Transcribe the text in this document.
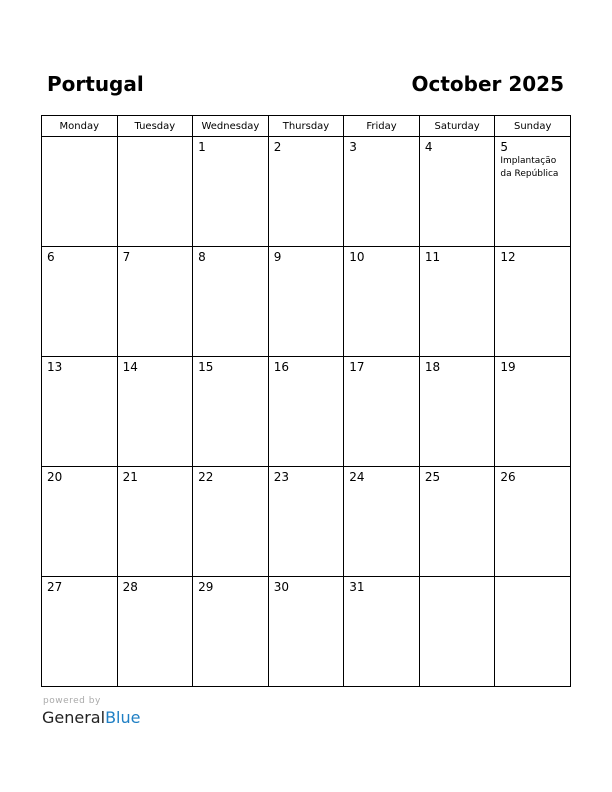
Portugal	October 2025
Monday	Tuesday	Wednesday	Thursday	Friday	Saturday	Sunday

		1	2	3	4	5
Implantação da República

6	7	8	9	10	11	12

13	14	15	16	17	18	19

20	21	22	23	24	25	26

27	28	29	30	31		

powered by
GeneralBlue
